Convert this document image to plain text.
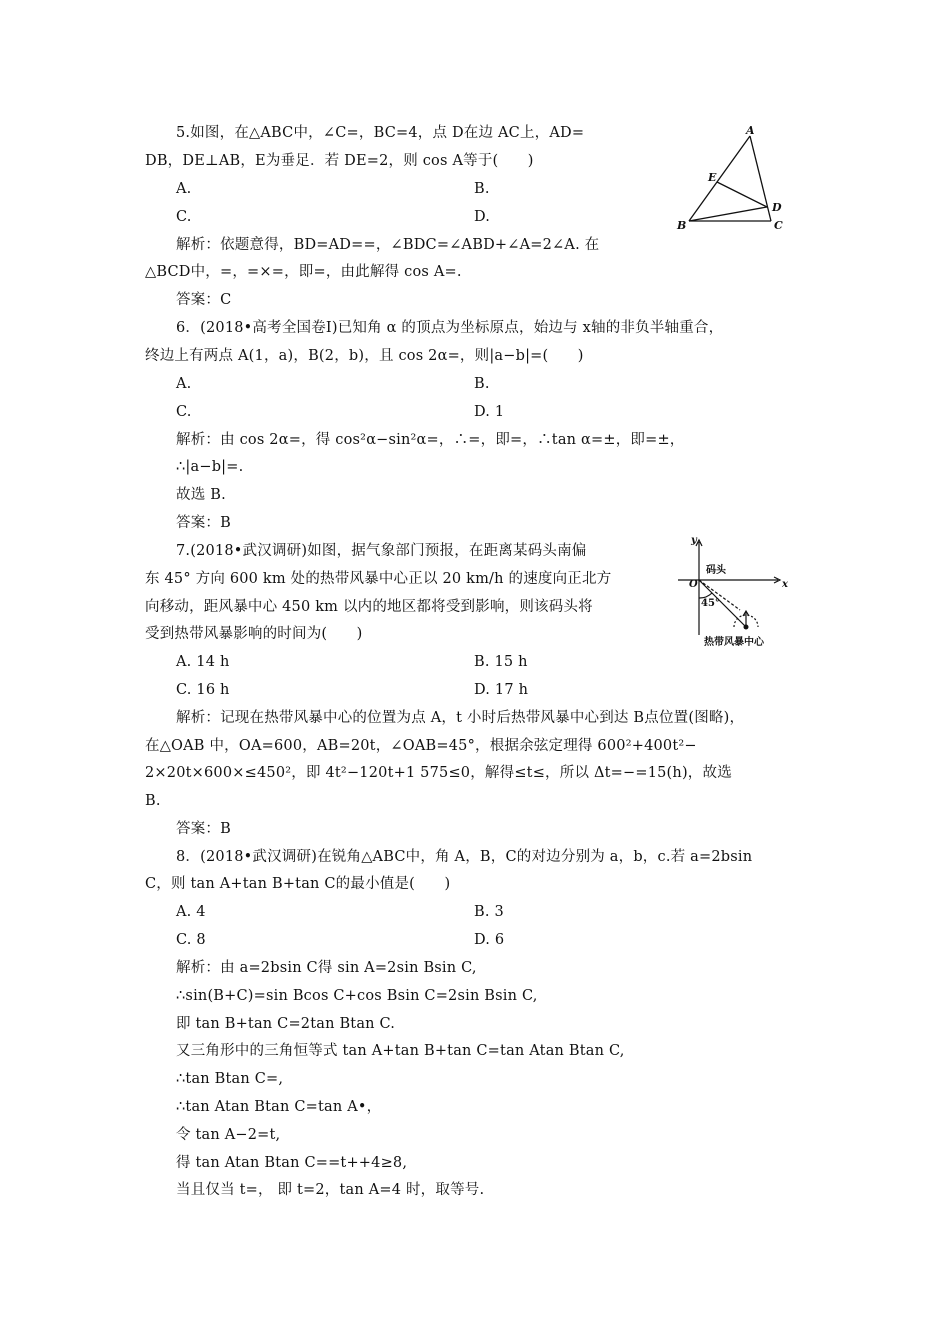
5.如图，在△ABC中，∠C=，BC=4，点 D在边 AC上，AD=
DB，DE⊥AB，E为垂足．若 DE=2，则 cos A等于(　　)
A.	B.
C.	D.
解析：依题意得，BD=AD==，∠BDC=∠ABD+∠A=2∠A. 在
△BCD中，=，=×=，即=，由此解得 cos A=.
答案：C
A
E
D
B	C
6．(2018•高考全国卷Ⅰ)已知角 α 的顶点为坐标原点，始边与 x轴的非负半轴重合，
终边上有两点 A(1，a)，B(2，b)，且 cos 2α=，则|a−b|=(　　)
A.	B.
C.	D. 1
解析：由 cos 2α=，得 cos²α−sin²α=，∴=，即=，∴tan α=±，即=±，
∴|a−b|=.
故选 B.
答案：B
7.(2018•武汉调研)如图，据气象部门预报，在距离某码头南偏
东 45° 方向 600 km 处的热带风暴中心正以 20 km/h 的速度向正北方
向移动，距风暴中心 450 km 以内的地区都将受到影响，则该码头将
受到热带风暴影响的时间为(　　)
A. 14 h	B. 15 h
C. 16 h	D. 17 h
解析：记现在热带风暴中心的位置为点 A，t 小时后热带风暴中心到达 B点位置(图略)，
在△OAB 中，OA=600，AB=20t，∠OAB=45°，根据余弦定理得 600²+400t²−
2×20t×600×≤450²，即 4t²−120t+1 575≤0，解得≤t≤，所以 Δt=−=15(h)，故选
B.
答案：B
y
x
O
45°
码头
热带风暴中心
8．(2018•武汉调研)在锐角△ABC中，角 A，B，C的对边分别为 a，b，c.若 a=2bsin
C，则 tan A+tan B+tan C的最小值是(　　)
A. 4	B. 3
C. 8	D. 6
解析：由 a=2bsin C得 sin A=2sin Bsin C,
∴sin(B+C)=sin Bcos C+cos Bsin C=2sin Bsin C,
即 tan B+tan C=2tan Btan C.
又三角形中的三角恒等式 tan A+tan B+tan C=tan Atan Btan C,
∴tan Btan C=,
∴tan Atan Btan C=tan A•，
令 tan A−2=t,
得 tan Atan Btan C==t++4≥8,
当且仅当 t=， 即 t=2，tan A=4 时，取等号.
